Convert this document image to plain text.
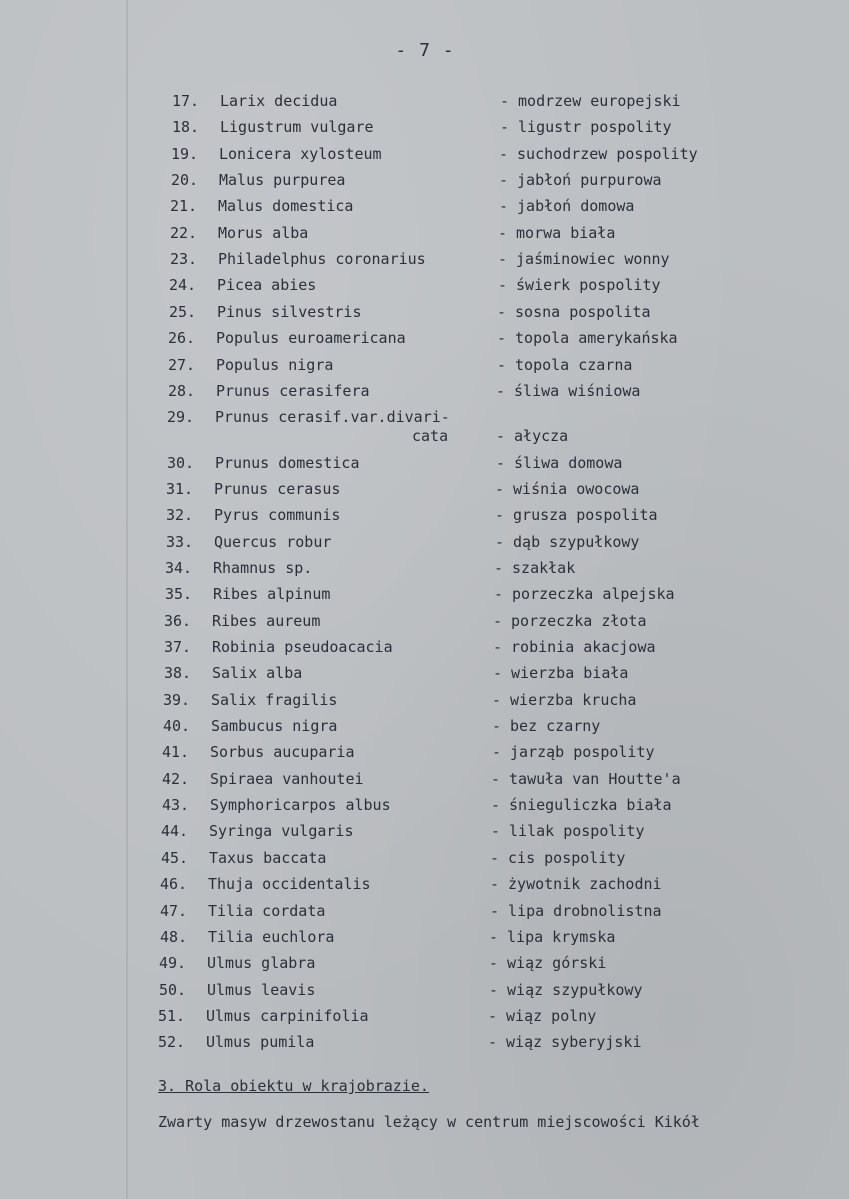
- 7 -
17.	Larix decidua	- modrzew europejski
18.	Ligustrum vulgare	- ligustr pospolity
19.	Lonicera xylosteum	- suchodrzew pospolity
20.	Malus purpurea	- jabłoń purpurowa
21.	Malus domestica	- jabłoń domowa
22.	Morus alba	- morwa biała
23.	Philadelphus coronarius	- jaśminowiec wonny
24.	Picea abies	- świerk pospolity
25.	Pinus silvestris	- sosna pospolita
26.	Populus euroamericana	- topola amerykańska
27.	Populus nigra	- topola czarna
28.	Prunus cerasifera	- śliwa wiśniowa
29.	Prunus cerasif.var.divari-
cata	- ałycza
30.	Prunus domestica	- śliwa domowa
31.	Prunus cerasus	- wiśnia owocowa
32.	Pyrus communis	- grusza pospolita
33.	Quercus robur	- dąb szypułkowy
34.	Rhamnus sp.	- szakłak
35.	Ribes alpinum	- porzeczka alpejska
36.	Ribes aureum	- porzeczka złota
37.	Robinia pseudoacacia	- robinia akacjowa
38.	Salix alba	- wierzba biała
39.	Salix fragilis	- wierzba krucha
40.	Sambucus nigra	- bez czarny
41.	Sorbus aucuparia	- jarząb pospolity
42.	Spiraea vanhoutei	- tawuła van Houtte'a
43.	Symphoricarpos albus	- śnieguliczka biała
44.	Syringa vulgaris	- lilak pospolity
45.	Taxus baccata	- cis pospolity
46.	Thuja occidentalis	- żywotnik zachodni
47.	Tilia cordata	- lipa drobnolistna
48.	Tilia euchlora	- lipa krymska
49.	Ulmus glabra	- wiąz górski
50.	Ulmus leavis	- wiąz szypułkowy
51.	Ulmus carpinifolia	- wiąz polny
52.	Ulmus pumila	- wiąz syberyjski
3. Rola obiektu w krajobrazie.
Zwarty masyw drzewostanu leżący w centrum miejscowości Kikół
